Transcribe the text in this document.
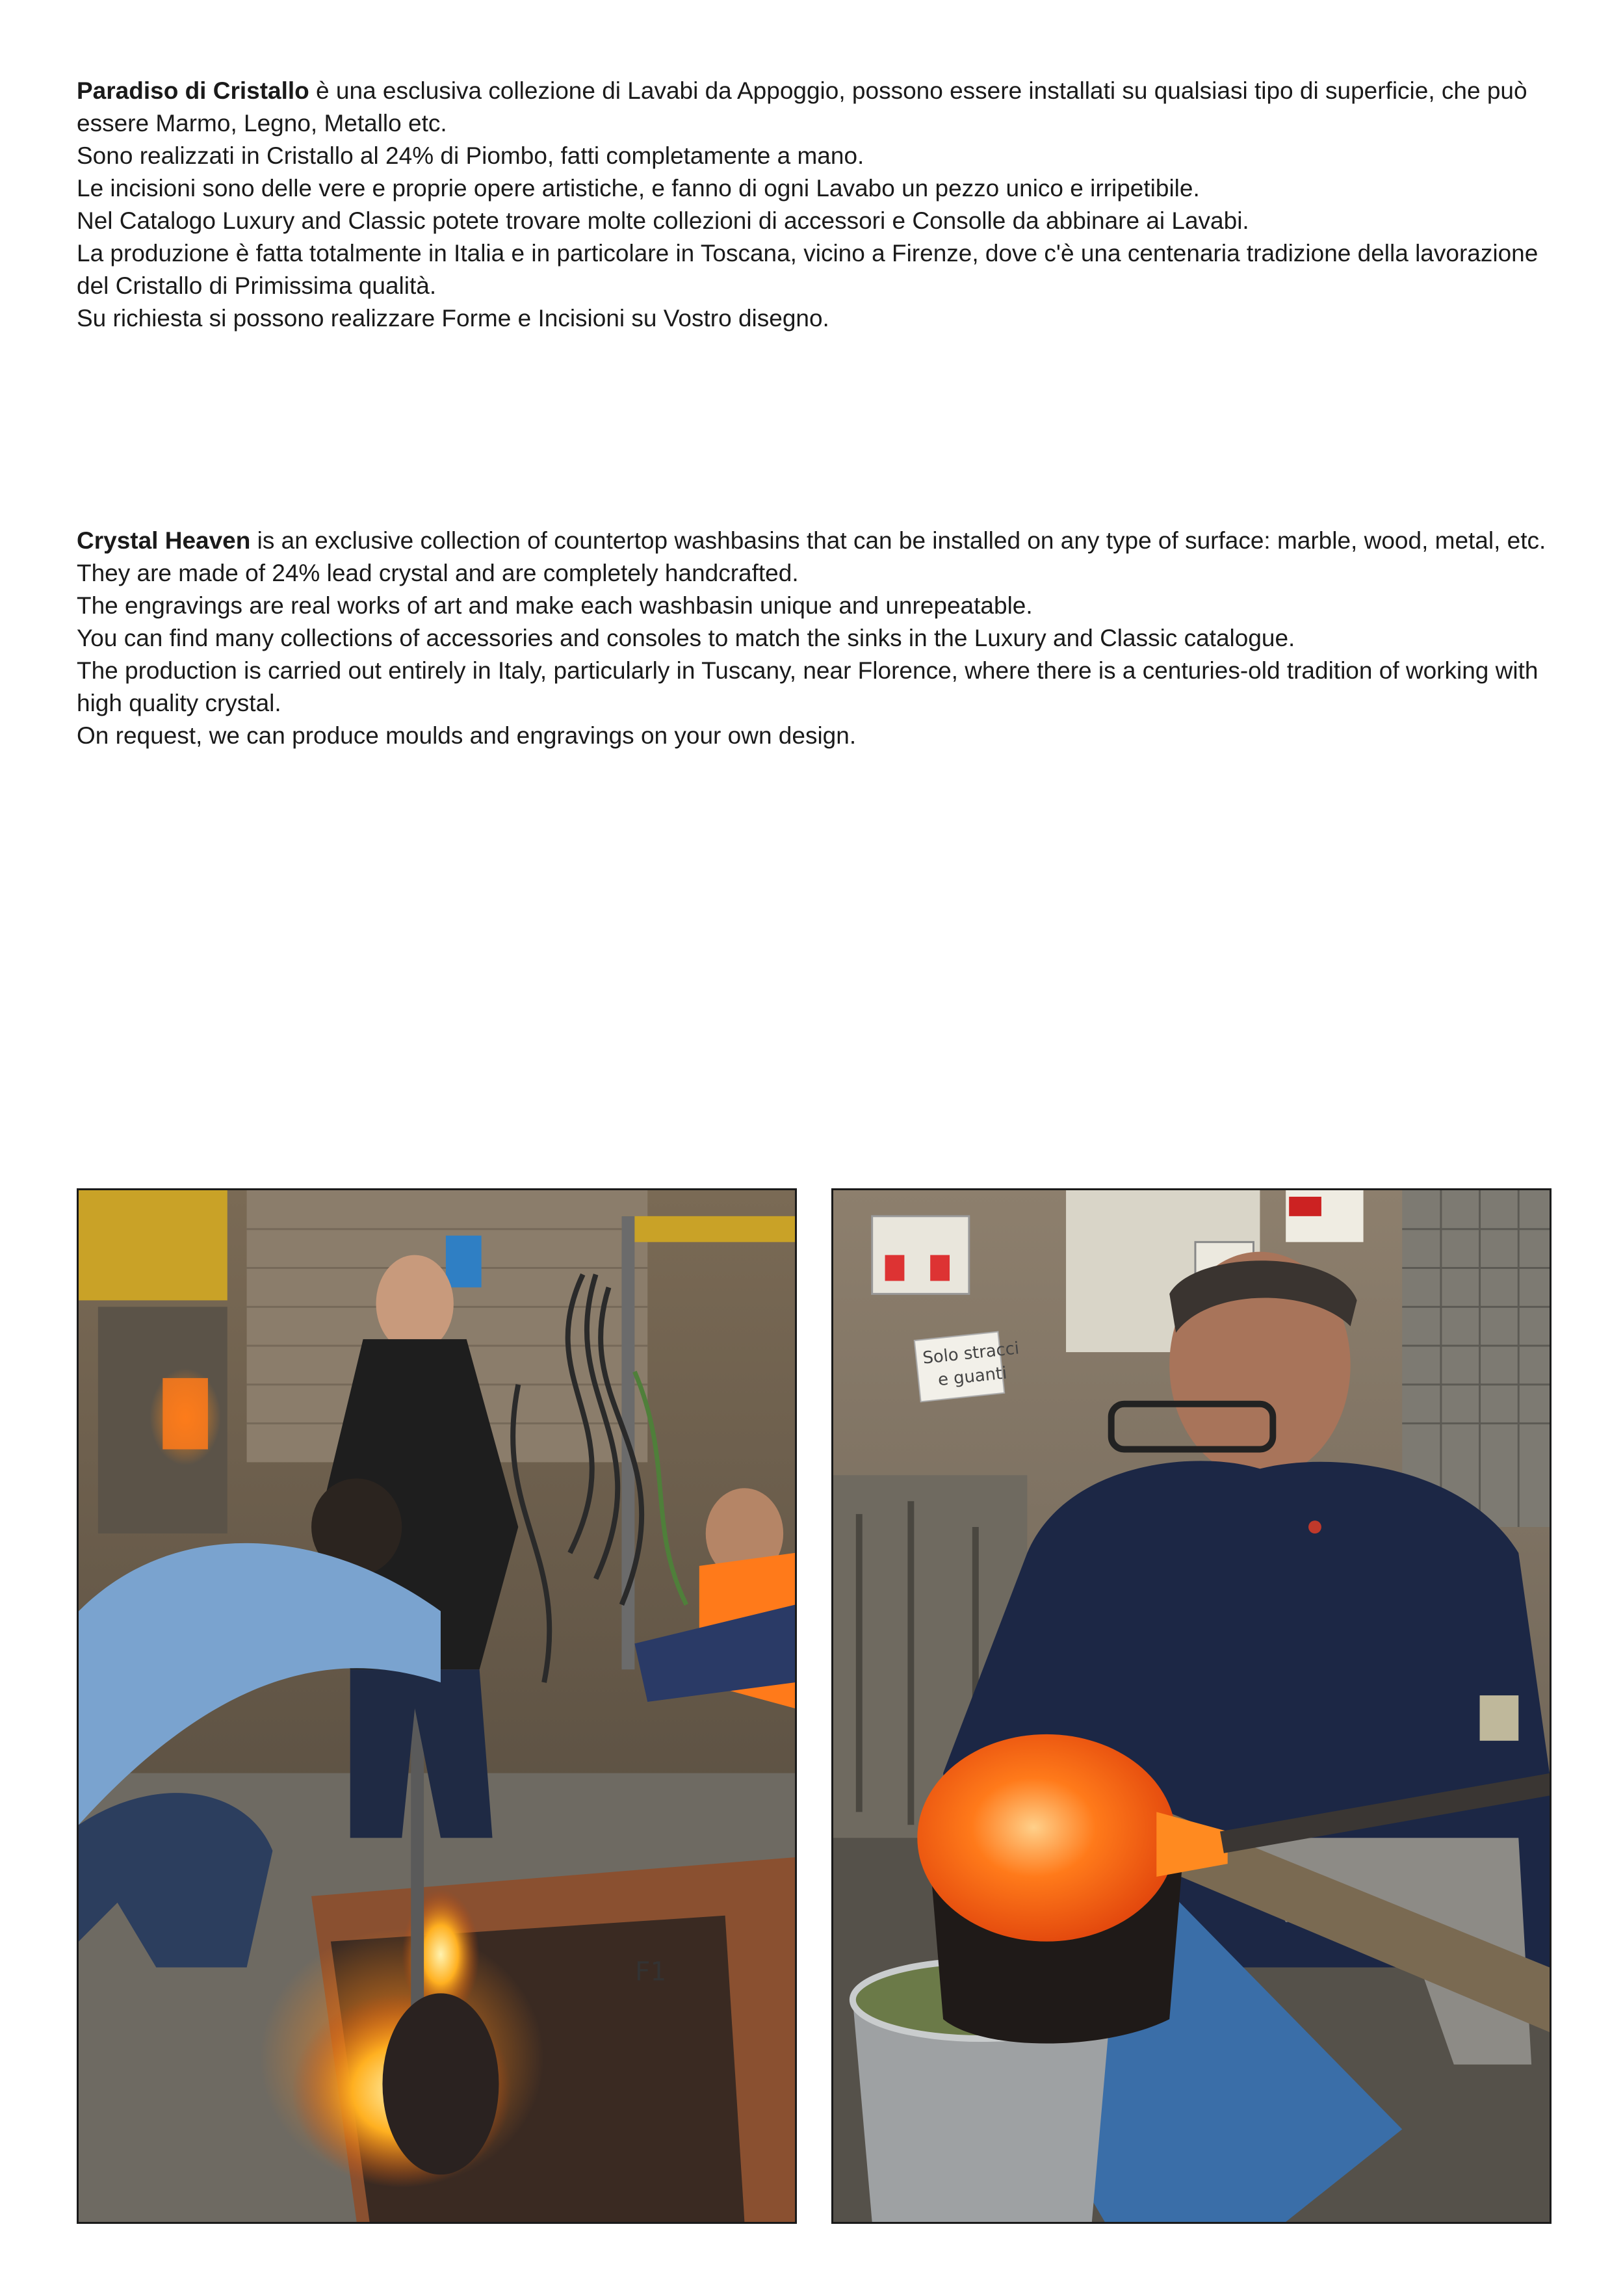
Paradiso di Cristallo è una esclusiva collezione di Lavabi da Appoggio, possono essere installati su qualsiasi tipo di superficie, che può essere Marmo, Legno, Metallo etc.

Sono realizzati in Cristallo al 24% di Piombo, fatti completamente a mano.

Le incisioni sono delle vere e proprie opere artistiche, e fanno di ogni Lavabo un pezzo unico e irripetibile.

Nel Catalogo Luxury and Classic potete trovare molte collezioni di accessori e Consolle da abbinare ai Lavabi.

La produzione è fatta totalmente in Italia e in particolare in Toscana, vicino a Firenze, dove c'è una centenaria tradizione della lavorazione del Cristallo di Primissima qualità.

Su richiesta si possono realizzare Forme e Incisioni su Vostro disegno.

Crystal Heaven is an exclusive collection of countertop washbasins that can be installed on any type of surface: marble, wood, metal, etc.

They are made of 24% lead crystal and are completely handcrafted.

The engravings are real works of art and make each washbasin unique and unrepeatable.

You can find many collections of accessories and consoles to match the sinks in the Luxury and Classic catalogue.

The production is carried out entirely in Italy, particularly in Tuscany, near Florence, where there is a centuries-old tradition of working with high quality crystal.

On request, we can produce moulds and engravings on your own design.

F1
Solo stracci
e guanti
